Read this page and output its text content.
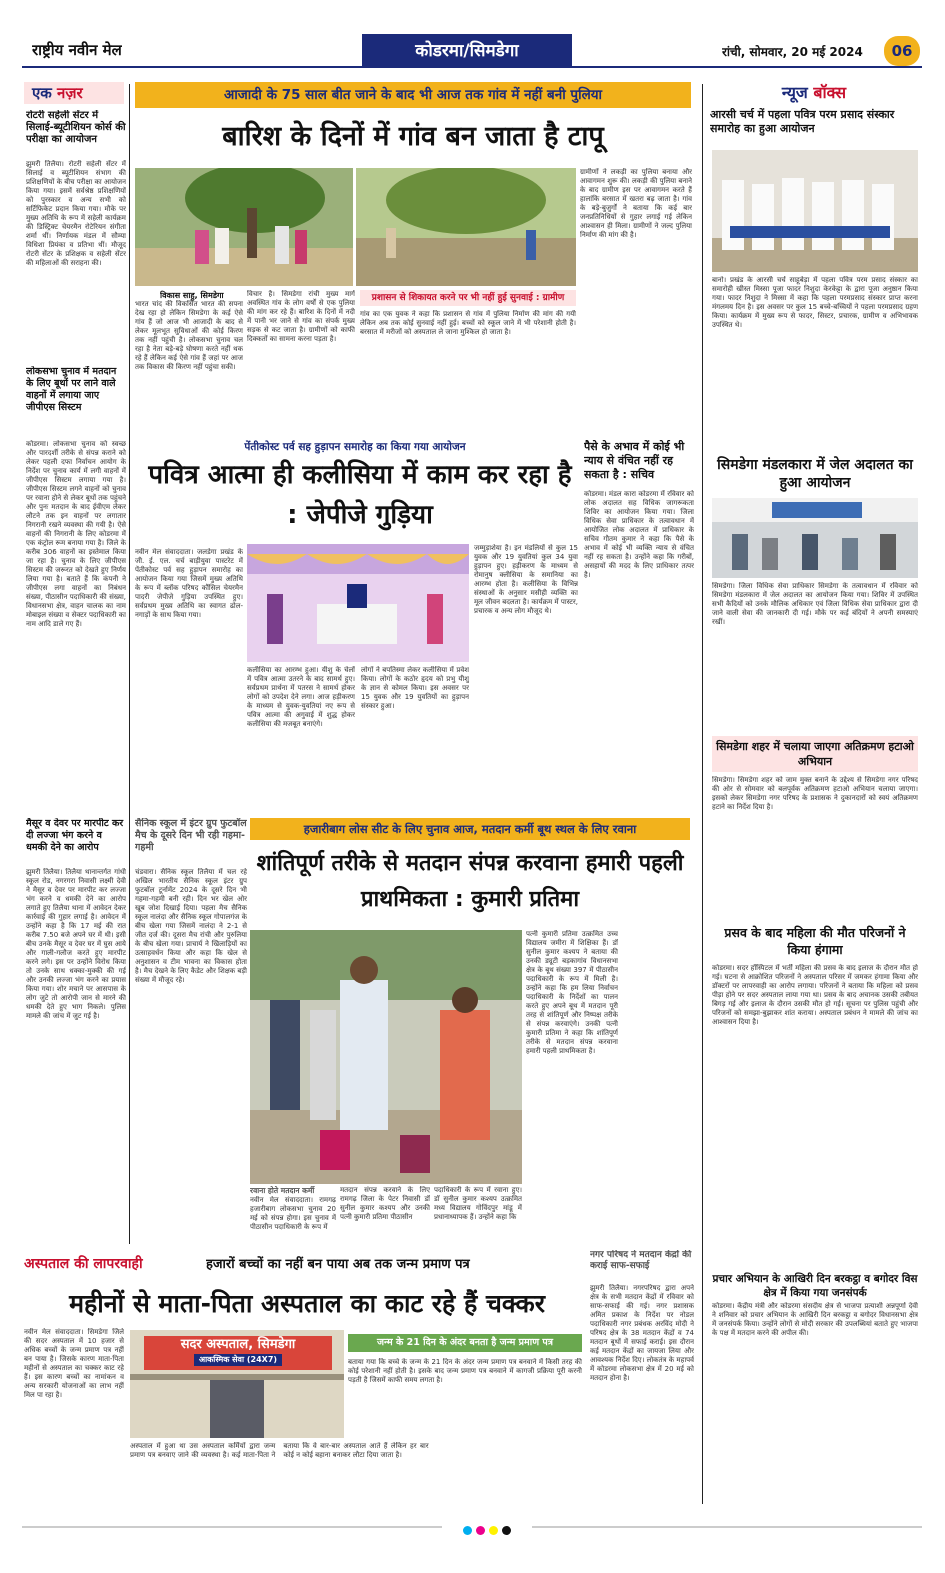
राष्ट्रीय नवीन मेल	कोडरमा/सिमडेगा	रांची, सोमवार, 20 मई 2024	06
एक नज़र
रोटरी सहेली सेंटर में सिलाई-ब्यूटीशियन कोर्स की परीक्षा का आयोजन
झुमरी तिलैया। रोटरी सहेली सेंटर में सिलाई व ब्यूटीशियन संभाग की प्रशिक्षणियों के बीच परीक्षा का आयोजन किया गया। इसमें सर्वश्रेष्ठ प्रशिक्षणियों को पुरस्कार व अन्य सभी को सर्टिफिकेट प्रदान किया गया। मौके पर मुख्य अतिथि के रूप में सहेली कार्यक्रम की डिस्ट्रिक्ट चेयरमैन रोटेरियन संगीता शर्मा थीं। निर्णायक मंडल में सौम्या विधिशा प्रियंका व प्रतिभा थीं। मौजूद रोटरी सेंटर के प्रशिक्षक व सहेली सेंटर की महिलाओं की सराहना की।
लोकसभा चुनाव में मतदान के लिए बूथों पर लाने वाले वाहनों में लगाया जाए जीपीएस सिस्टम
कोडरमा। लोकसभा चुनाव को स्वच्छ और पारदर्शी तरीके से संपन्न कराने को लेकर पहली दफा निर्वाचन आयोग के निर्देश पर चुनाव कार्य में लगी वाहनों में जीपीएस सिस्टम लगाया गया है। जीपीएस सिस्टम लगने वाहनों को चुनाव पर रवाना होने से लेकर बूथों तक पहुंचने और पुनः मतदान के बाद ईवीएम लेकर लौटने तक इन वाहनों पर लगातार निगरानी रखने व्यवस्था की गयी है। ऐसे वाहनों की निगरानी के लिए कोडरमा में एक कंट्रोल रूम बनाया गया है। जिले के करीब 306 वाहनों का इस्तेमाल किया जा रहा है। चुनाव के लिए जीपीएस सिस्टम की जरूरत को देखते हुए निर्णय लिया गया है। बताते हैं कि कंपनी ने जीपीएस लगा वाहनों का निबंधन संख्या, पीठासीन पदाधिकारी की संख्या, विधानसभा क्षेत्र, वाहन चालक का नाम मोबाइल संख्या व सेक्टर पदाधिकारी का नाम आदि डाले गए हैं।
मैसूर व देवर पर मारपीट कर दी लज्जा भंग करने व धमकी देने का आरोप
झुमरी तिलैया। तिलैया थानान्तर्गत गांधी स्कूल रोड, नगरगरा निवासी लक्ष्मी देवी ने मैसूर व देवर पर मारपीट कर लज्जा भंग करने व धमकी देने का आरोप लगाते हुए तिलैया थाना में आवेदन देकर कार्रवाई की गुहार लगाई है। आवेदन में उन्होंने कहा है कि 17 मई की रात करीब 7.50 बजे अपने घर में थी। इसी बीच उनके मैसूर व देवर घर में घुस आये और गाली-गलौज करते हुए मारपीट करने लगे। इस पर उन्होंने विरोध किया तो उनके साथ धक्का-मुक्की की गई और उनकी लज्जा भंग करने का प्रयास किया गया। शोर मचाने पर आसपास के लोग जुटे तो आरोपी जान से मारने की धमकी देते हुए भाग निकले। पुलिस मामले की जांच में जुट गई है।
आजादी के 75 साल बीत जाने के बाद भी आज तक गांव में नहीं बनी पुलिया
बारिश के दिनों में गांव बन जाता है टापू
विकास साहु, सिमडेगा
भारत चांद की विकसित भारत की सपना देख रहा हो लेकिन सिमडेगा के कई ऐसे गांव हैं जो आज भी आजादी के बाद से लेकर मूलभूत सुविधाओं की कोई किरण तक नहीं पहुंची है। लोकसभा चुनाव चल रहा है नेता बड़े-बड़े घोषणा करते नहीं थक रहे हैं लेकिन कई ऐसे गांव हैं जहां पर आज तक विकास की किरण नहीं पहुंचा सकी।
विचार है। सिमडेगा रांची मुख्य मार्ग अवस्थित गांव के लोग वर्षों से एक पुलिया की मांग कर रहे हैं। बारिश के दिनों में नदी में पानी भर जाने से गांव का संपर्क मुख्य सड़क से कट जाता है। ग्रामीणों को काफी दिक्कतों का सामना करना पड़ता है।
प्रशासन से शिकायत करने पर भी नहीं हुई सुनवाई : ग्रामीण
गांव का एक युवक ने कहा कि प्रशासन से गांव में पुलिया निर्माण की मांग की गयी लेकिन अब तक कोई सुनवाई नहीं हुई। बच्चों को स्कूल जाने में भी परेशानी होती है। बरसात में मरीजों को अस्पताल ले जाना मुश्किल हो जाता है।
ग्रामीणों ने लकड़ी का पुलिया बनाया और आवागमन शुरू की। लकड़ी की पुलिया बनाने के बाद ग्रामीण इस पर आवागमन करते हैं हालांकि बरसात में खतरा बढ़ जाता है। गांव के बड़े-बुजुर्गों ने बताया कि कई बार जनप्रतिनिधियों से गुहार लगाई गई लेकिन आश्वासन ही मिला। ग्रामीणों ने जल्द पुलिया निर्माण की मांग की है।
पेंतीकोस्ट पर्व सह हुड़ापन समारोह का किया गया आयोजन
पवित्र आत्मा ही कलीसिया में काम कर रहा है : जेपीजे गुड़िया
नवीन मेल संवाददाता। जलडेगा प्रखंड के जी. ई. एल. चर्च बाड़ीयुवा पास्टरेट में पेंतीकोस्ट पर्व सह हुड़ापन समारोह का आयोजन किया गया जिसमें मुख्य अतिथि के रूप में ब्लॉक परिषद कौंसिल चेयरमैन पादरी जेपीजे गुड़िया उपस्थित हुए। सर्वप्रथम मुख्य अतिथि का स्वागत ढोल-नगाड़ों के साथ किया गया।
कलीसिया का आरम्भ हुआ। यीशु के चेलों में पवित्र आत्मा उतरने के बाद सामर्थ हुए। सर्वप्रथम प्रार्थना में पतरस ने सामर्थ होकर लोगों को उपदेश देने लगा। आज हड़ीकरण के माध्यम से युवक-युवतियां नए रूप से पवित्र आत्मा की अगुवाई में शुद्ध होकर कलीसिया की मजबूत बनाएंगे।
लोगों ने बपतिस्मा लेकर कलीसिया में प्रवेश किया। लोगों के कठोर हृदय को प्रभु यीशु के ज्ञान से कोमल किया। इस अवसर पर 15 युवक और 19 युवतियों का हुड़ापन संस्कार हुआ।
जम्मुड़ाशेया है। इन मंडलियों से कुल 15 युवक और 19 युवतियां कुल 34 युवा हुड़ापन हुए। हड़ीकरण के माध्यम से रोमानुष क्लीसिया के समानिया का आरम्भ होता है। कलीसिया के विभिन्न संस्थाओं के अनुसार मसीही व्यक्ति का मूल जीवन बदलता है। कार्यक्रम में पास्टर, प्रचारक व अन्य लोग मौजूद थे।
पैसे के अभाव में कोई भी न्याय से वंचित नहीं रह सकता है : सचिव
कोडरमा। मंडल कारा कोडरमा में रविवार को लोक अदालत सह विधिक जागरूकता शिविर का आयोजन किया गया। जिला विधिक सेवा प्राधिकार के तत्वावधान में आयोजित लोक अदालत में प्राधिकार के सचिव गौतम कुमार ने कहा कि पैसे के अभाव में कोई भी व्यक्ति न्याय से वंचित नहीं रह सकता है। उन्होंने कहा कि गरीबों, असहायों की मदद के लिए प्राधिकार तत्पर है।
सैनिक स्कूल में इंटर ग्रुप फुटबॉल मैच के दूसरे दिन भी रही गहमा-गहमी
चंडवारा। सैनिक स्कूल तिलैया में चल रहे अखिल भारतीय सैनिक स्कूल इंटर ग्रुप फुटबॉल टूर्नामेंट 2024 के दूसरे दिन भी गहमा-गहमी बनी रही। दिन भर खेल ओर खूब जोश दिखाई दिया। पहला मैच सैनिक स्कूल नालंदा और सैनिक स्कूल गोपालगंज के बीच खेला गया जिसमें नालंदा ने 2-1 से जीत दर्ज की। दूसरा मैच रांची और पुरुलिया के बीच खेला गया। प्राचार्य ने खिलाड़ियों का उत्साहवर्धन किया और कहा कि खेल से अनुशासन व टीम भावना का विकास होता है। मैच देखने के लिए कैडेट और शिक्षक बड़ी संख्या में मौजूद रहे।
हजारीबाग लोस सीट के लिए चुनाव आज, मतदान कर्मी बूथ स्थल के लिए रवाना
शांतिपूर्ण तरीके से मतदान संपन्न करवाना हमारी पहली प्राथमिकता : कुमारी प्रतिमा
रवाना होते मतदान कर्मी
नवीन मेल संवाददाता। रामगढ़ हजारीबाग लोकसभा चुनाव 20 मई को संपन्न होगा। इस चुनाव में पीठासीन पदाधिकारी के रूप में
मतदान संपन्न करवाने के लिए रामगढ़ जिला के पेटर निवासी डॉ सुनील कुमार कश्यप और उनकी पत्नी कुमारी प्रतिमा पीठासीन
पदाधिकारी के रूप में रवाना हुए। डॉ सुनील कुमार कश्यप उत्क्रमित मध्य विद्यालय गोविंदपुर मांडू में प्रधानाध्यापक हैं। उन्होंने कहा कि
पत्नी कुमारी प्रतिमा उत्क्रमित उच्च विद्यालय जमीरा में शिक्षिका हैं। डॉ सुनील कुमार कश्यप ने बताया की उनकी ड्यूटी बड़कागांव विधानसभा क्षेत्र के बूथ संख्या 397 में पीठासीन पदाधिकारी के रूप में मिली है। उन्होंने कहा कि हम लिया निर्वाचन पदाधिकारी के निर्देशों का पालन करते हुए अपने बूथ में मतदान पूरी तरह से शांतिपूर्ण और निष्पक्ष तरीके से संपन्न करवाएंगे। उनकी पत्नी कुमारी प्रतिमा ने कहा कि शांतिपूर्ण तरीके से मतदान संपन्न करवाना हमारी पहली प्राथमिकता है।
नगर परिषद ने मतदान केंद्रों की कराई साफ-सफाई
झुमरी तिलैया। नगरपरिषद द्वारा अपने क्षेत्र के सभी मतदान केंद्रों में रविवार को साफ-सफाई की गई। नगर प्रशासक अमित प्रकाश के निर्देश पर नोडल पदाधिकारी नगर प्रबंधक अरविंद मोदी ने परिषद क्षेत्र के 38 मतदान केंद्रों व 74 मतदान बूथों में सफाई कराई। इस दौरान कई मतदान केंद्रों का जायजा लिया और आवश्यक निर्देश दिए। लोकतंत्र के महापर्व में कोडरमा लोकसभा क्षेत्र में 20 मई को मतदान होना है।
अस्पताल की लापरवाही	हजारों बच्चों का नहीं बन पाया अब तक जन्म प्रमाण पत्र
महीनों से माता-पिता अस्पताल का काट रहे हैं चक्कर
नवीन मेल संवाददाता। सिमडेगा जिले की सदर अस्पताल में 10 हजार से अधिक बच्चों के जन्म प्रमाण पत्र नहीं बन पाया है। जिसके कारण माता-पिता महीनों से अस्पताल का चक्कर काट रहे हैं। इस कारण बच्चों का नामांकन व अन्य सरकारी योजनाओं का लाभ नहीं मिल पा रहा है।
सदर अस्पताल, सिमडेगा
आकस्मिक सेवा (24X7)
जन्म के 21 दिन के अंदर बनता है जन्म प्रमाण पत्र
बताया गया कि बच्चे के जन्म के 21 दिन के अंदर जन्म प्रमाण पत्र बनवाने में किसी तरह की कोई परेशानी नहीं होती है। इसके बाद जन्म प्रमाण पत्र बनवाने में कागजी प्रक्रिया पूरी करनी पड़ती है जिसमें काफी समय लगता है।
अस्पताल में हुआ था उस अस्पताल कर्मियों द्वारा जन्म प्रमाण पत्र बनवाए जाने की व्यवस्था है। कई माता-पिता ने बताया कि वे बार-बार अस्पताल आते हैं लेकिन हर बार कोई न कोई बहाना बनाकर लौटा दिया जाता है।
न्यूज बॉक्स
आरसी चर्च में पहला पवित्र परम प्रसाद संस्कार समारोह का हुआ आयोजन
बानो। प्रखंड के आरसी चर्च साहूबेड़ा में पहला पवित्र परम प्रसाद संस्कार का समारोही खीस्त मिस्सा पूजा फादर निशुदा केरकेट्टा के द्वारा पूजा अनुष्ठान किया गया। फादर निशुदा ने मिस्सा में कहा कि पहला परमप्रसाद संस्कार प्राप्त करना मंगलमय दिन है। इस अवसर पर कुल 15 बच्चे-बच्चियों ने पहला परमप्रसाद ग्रहण किया। कार्यक्रम में मुख्य रूप से फादर, सिस्टर, प्रचारक, ग्रामीण व अभिभावक उपस्थित थे।
सिमडेगा मंडलकारा में जेल अदालत का हुआ आयोजन
सिमडेगा। जिला विधिक सेवा प्राधिकार सिमडेगा के तत्वावधान में रविवार को सिमडेगा मंडलकारा में जेल अदालत का आयोजन किया गया। शिविर में उपस्थित सभी कैदियों को उनके मौलिक अधिकार एवं जिला विधिक सेवा प्राधिकार द्वारा दी जाने वाली सेवा की जानकारी दी गई। मौके पर कई बंदियों ने अपनी समस्याएं रखीं।
सिमडेगा शहर में चलाया जाएगा अतिक्रमण हटाओ अभियान
सिमडेगा। सिमडेगा शहर को जाम मुक्त बनाने के उद्देश्य से सिमडेगा नगर परिषद की ओर से सोमवार को बलपूर्वक अतिक्रमण हटाओ अभियान चलाया जाएगा। इसको लेकर सिमडेगा नगर परिषद के प्रशासक ने दुकानदारों को स्वयं अतिक्रमण हटाने का निर्देश दिया है।
प्रसव के बाद महिला की मौत परिजनों ने किया हंगामा
कोडरमा। सदर हॉस्पिटल में भर्ती महिला की प्रसव के बाद इलाज के दौरान मौत हो गई। घटना से आक्रोशित परिजनों ने अस्पताल परिसर में जमकर हंगामा किया और डॉक्टरों पर लापरवाही का आरोप लगाया। परिजनों ने बताया कि महिला को प्रसव पीड़ा होने पर सदर अस्पताल लाया गया था। प्रसव के बाद अचानक उसकी तबीयत बिगड़ गई और इलाज के दौरान उसकी मौत हो गई। सूचना पर पुलिस पहुंची और परिजनों को समझा-बुझाकर शांत कराया। अस्पताल प्रबंधन ने मामले की जांच का आश्वासन दिया है।
प्रचार अभियान के आखिरी दिन बरकट्ठा व बगोदर विस क्षेत्र में किया गया जनसंपर्क
कोडरमा। केंद्रीय मंत्री और कोडरमा संसदीय क्षेत्र से भाजपा प्रत्याशी अन्नपूर्णा देवी ने शनिवार को प्रचार अभियान के आखिरी दिन बरकट्ठा व बगोदर विधानसभा क्षेत्र में जनसंपर्क किया। उन्होंने लोगों से मोदी सरकार की उपलब्धियां बताते हुए भाजपा के पक्ष में मतदान करने की अपील की।
